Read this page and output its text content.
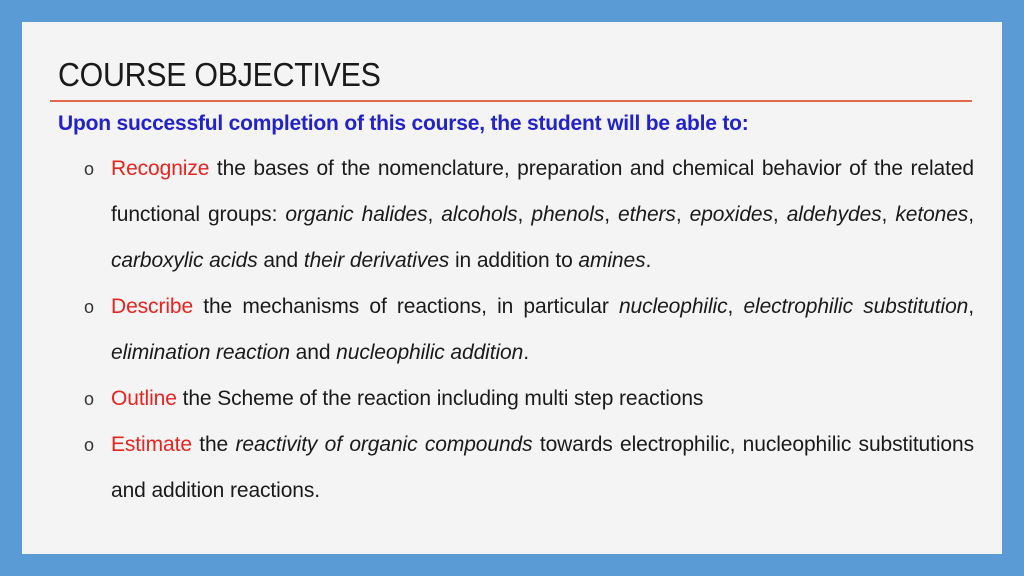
COURSE OBJECTIVES
Upon successful completion of this course, the student will be able to:
o Recognize the bases of the nomenclature, preparation and chemical behavior of the related functional groups: organic halides, alcohols, phenols, ethers, epoxides, aldehydes, ketones, carboxylic acids and their derivatives in addition to amines.
o Describe the mechanisms of reactions, in particular nucleophilic, electrophilic substitution, elimination reaction and nucleophilic addition.
o Outline the Scheme of the reaction including multi step reactions
o Estimate the reactivity of organic compounds towards electrophilic, nucleophilic substitutions and addition reactions.
